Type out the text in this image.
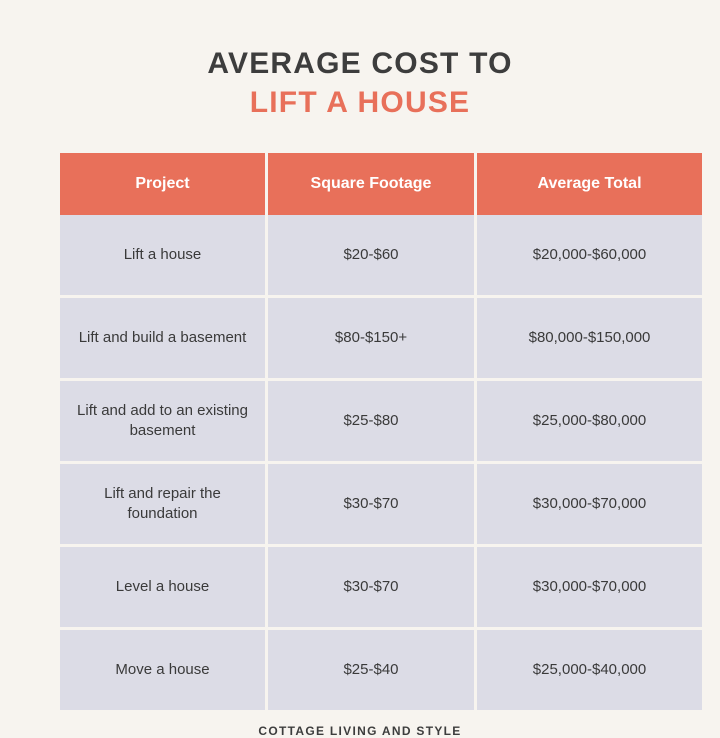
AVERAGE COST TO
LIFT A HOUSE
Project	Square Footage	Average Total
Lift a house	$20-$60	$20,000-$60,000
Lift and build a basement	$80-$150+	$80,000-$150,000
Lift and add to an existing basement	$25-$80	$25,000-$80,000
Lift and repair the foundation	$30-$70	$30,000-$70,000
Level a house	$30-$70	$30,000-$70,000
Move a house	$25-$40	$25,000-$40,000
COTTAGE LIVING AND STYLE
